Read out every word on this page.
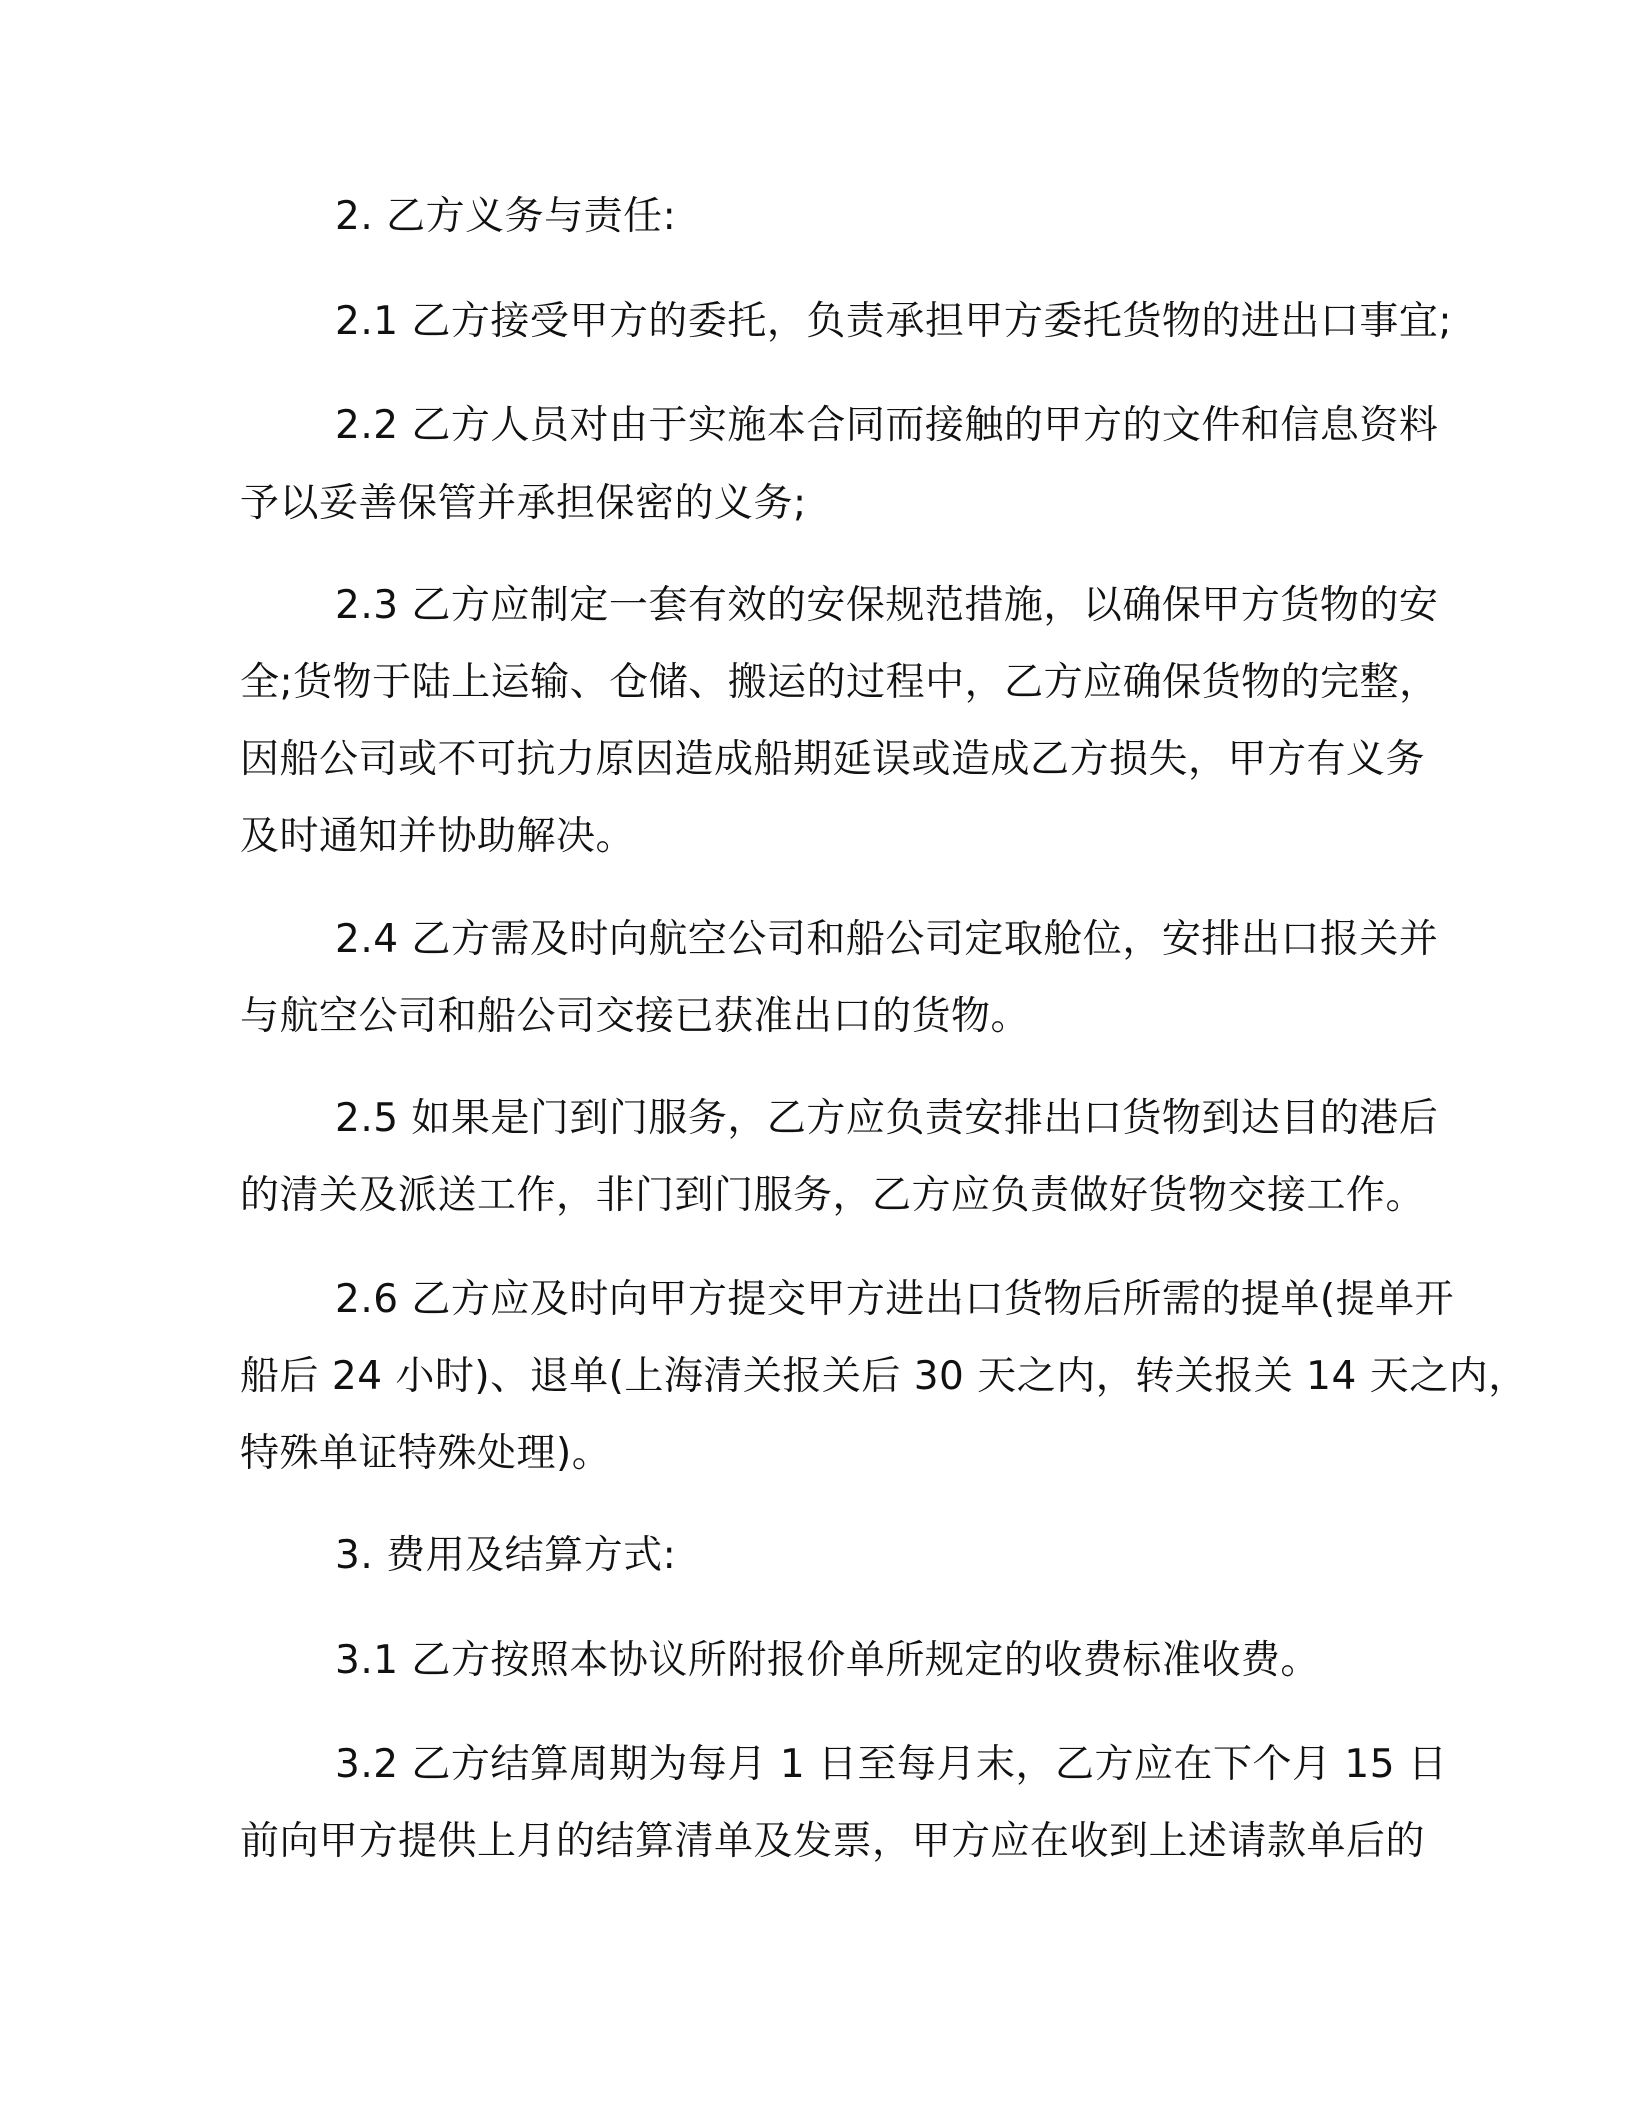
2. 乙方义务与责任:
2.1 乙方接受甲方的委托，负责承担甲方委托货物的进出口事宜;
2.2 乙方人员对由于实施本合同而接触的甲方的文件和信息资料
予以妥善保管并承担保密的义务;
2.3 乙方应制定一套有效的安保规范措施，以确保甲方货物的安
全;货物于陆上运输、仓储、搬运的过程中，乙方应确保货物的完整，
因船公司或不可抗力原因造成船期延误或造成乙方损失，甲方有义务
及时通知并协助解决。
2.4 乙方需及时向航空公司和船公司定取舱位，安排出口报关并
与航空公司和船公司交接已获准出口的货物。
2.5 如果是门到门服务，乙方应负责安排出口货物到达目的港后
的清关及派送工作，非门到门服务，乙方应负责做好货物交接工作。
2.6 乙方应及时向甲方提交甲方进出口货物后所需的提单(提单开
船后 24 小时)、退单(上海清关报关后 30 天之内，转关报关 14 天之内，
特殊单证特殊处理)。
3. 费用及结算方式:
3.1 乙方按照本协议所附报价单所规定的收费标准收费。
3.2 乙方结算周期为每月 1 日至每月末，乙方应在下个月 15 日
前向甲方提供上月的结算清单及发票，甲方应在收到上述请款单后的
